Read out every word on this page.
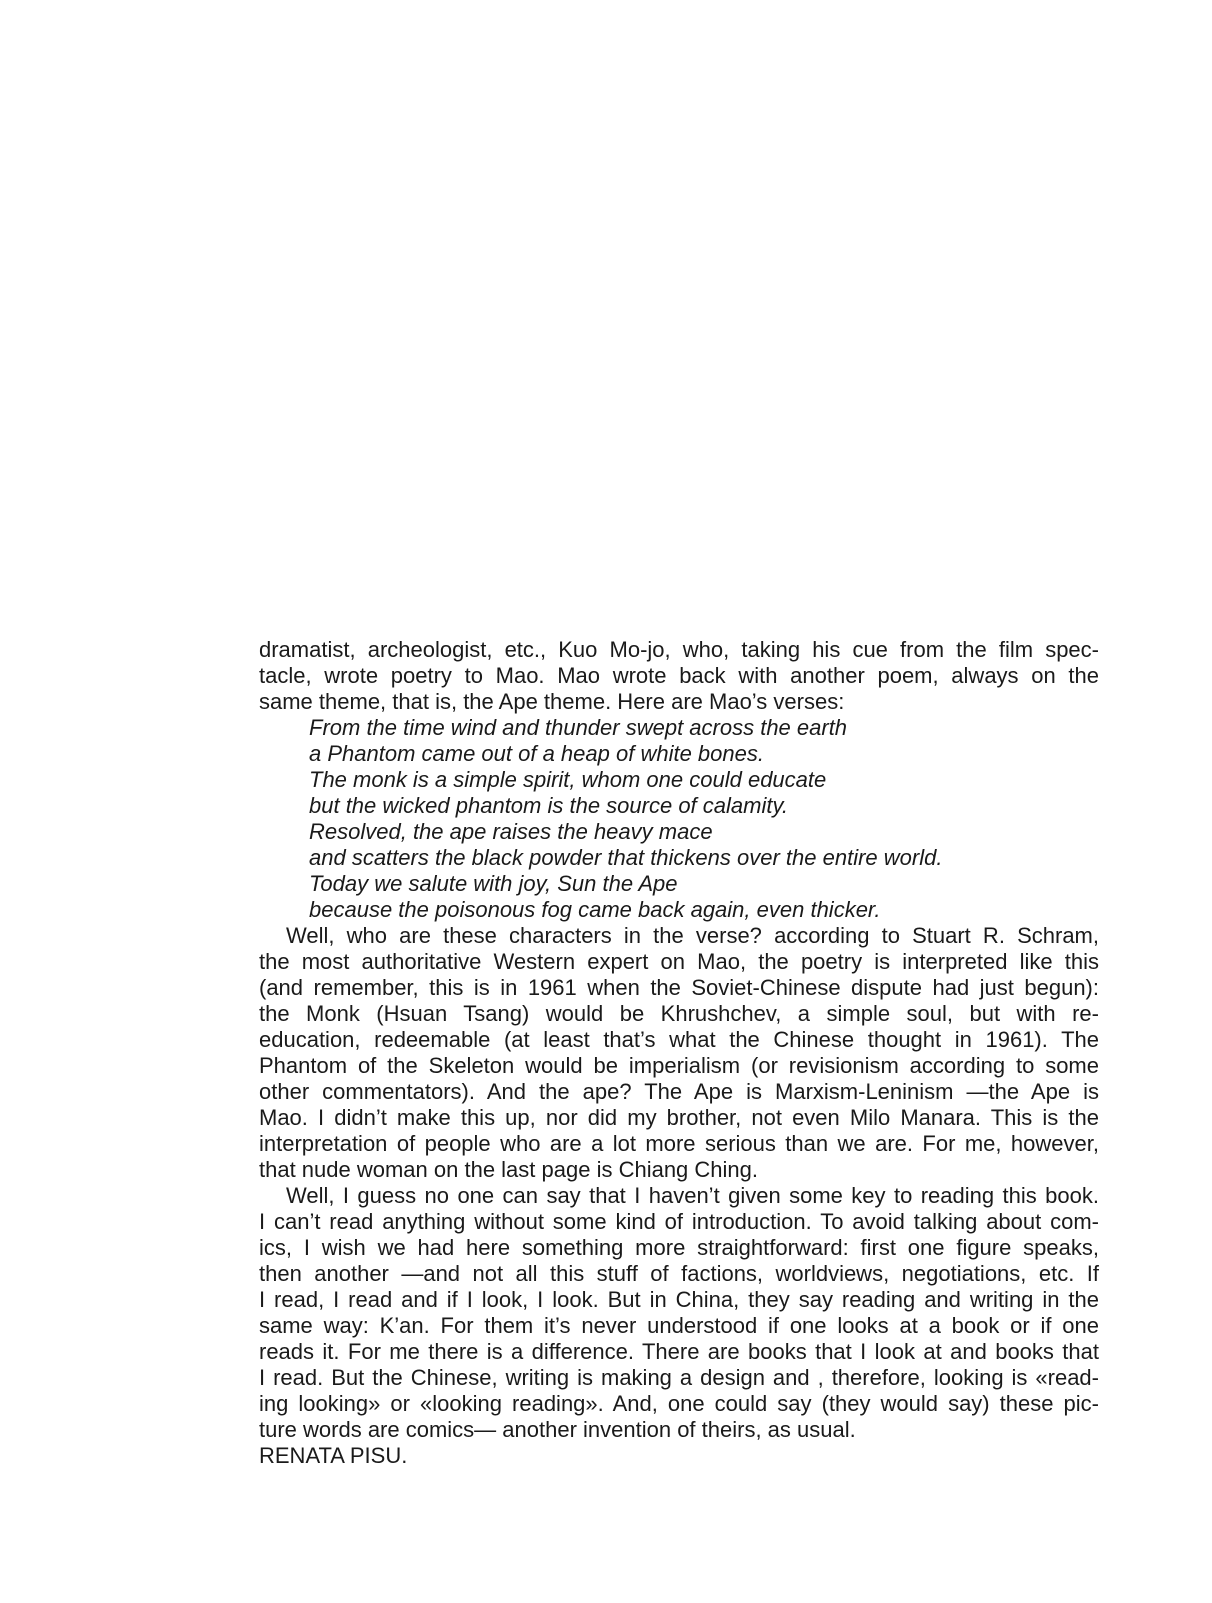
dramatist, archeologist, etc., Kuo Mo-jo, who, taking his cue from the film spec-
tacle, wrote poetry to Mao. Mao wrote back with another poem, always on the
same theme, that is, the Ape theme. Here are Mao’s verses:
From the time wind and thunder swept across the earth
a Phantom came out of a heap of white bones.
The monk is a simple spirit, whom one could educate
but the wicked phantom is the source of calamity.
Resolved, the ape raises the heavy mace
and scatters the black powder that thickens over the entire world.
Today we salute with joy, Sun the Ape
because the poisonous fog came back again, even thicker.
Well, who are these characters in the verse? according to Stuart R. Schram,
the most authoritative Western expert on Mao, the poetry is interpreted like this
(and remember, this is in 1961 when the Soviet-Chinese dispute had just begun):
the Monk (Hsuan Tsang) would be Khrushchev, a simple soul, but with re-
education, redeemable (at least that’s what the Chinese thought in 1961). The
Phantom of the Skeleton would be imperialism (or revisionism according to some
other commentators). And the ape? The Ape is Marxism-Leninism —the Ape is
Mao. I didn’t make this up, nor did my brother, not even Milo Manara. This is the
interpretation of people who are a lot more serious than we are. For me, however,
that nude woman on the last page is Chiang Ching.
Well, I guess no one can say that I haven’t given some key to reading this book.
I can’t read anything without some kind of introduction. To avoid talking about com-
ics, I wish we had here something more straightforward: first one figure speaks,
then another —and not all this stuff of factions, worldviews, negotiations, etc. If
I read, I read and if I look, I look. But in China, they say reading and writing in the
same way: K’an. For them it’s never understood if one looks at a book or if one
reads it. For me there is a difference. There are books that I look at and books that
I read. But the Chinese, writing is making a design and , therefore, looking is «read-
ing looking» or «looking reading». And, one could say (they would say) these pic-
ture words are comics— another invention of theirs, as usual.
RENATA PISU.
